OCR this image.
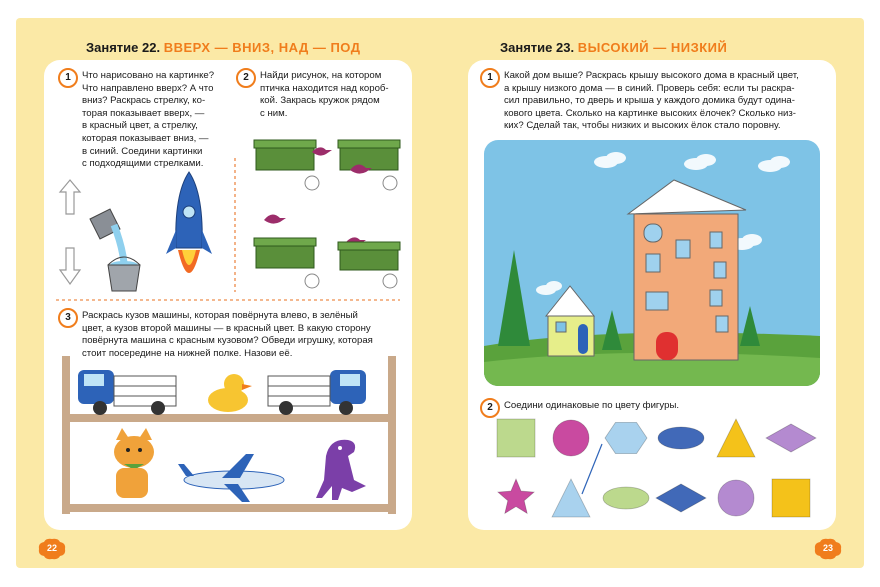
Занятие 22. ВВЕРХ — ВНИЗ, НАД — ПОД
1	Что нарисовано на картинке?
Что направлено вверх? А что
вниз? Раскрась стрелку, ко-
торая показывает вверх, —
в красный цвет, а стрелку,
которая показывает вниз, —
в синий. Соедини картинки
с подходящими стрелками.
2	Найди рисунок, на котором
птичка находится над короб-
кой. Закрась кружок рядом
с ним.
3	Раскрась кузов машины, которая повёрнута влево, в зелёный
цвет, а кузов второй машины — в красный цвет. В какую сторону
повёрнута машина с красным кузовом? Обведи игрушку, которая
стоит посередине на нижней полке. Назови её.
22
Занятие 23. ВЫСОКИЙ — НИЗКИЙ
1	Какой дом выше? Раскрась крышу высокого дома в красный цвет,
а крышу низкого дома — в синий. Проверь себя: если ты раскра-
сил правильно, то дверь и крыша у каждого домика будут одина-
кового цвета. Сколько на картинке высоких ёлочек? Сколько низ-
ких? Сделай так, чтобы низких и высоких ёлок стало поровну.
2	Соедини одинаковые по цвету фигуры.
23
